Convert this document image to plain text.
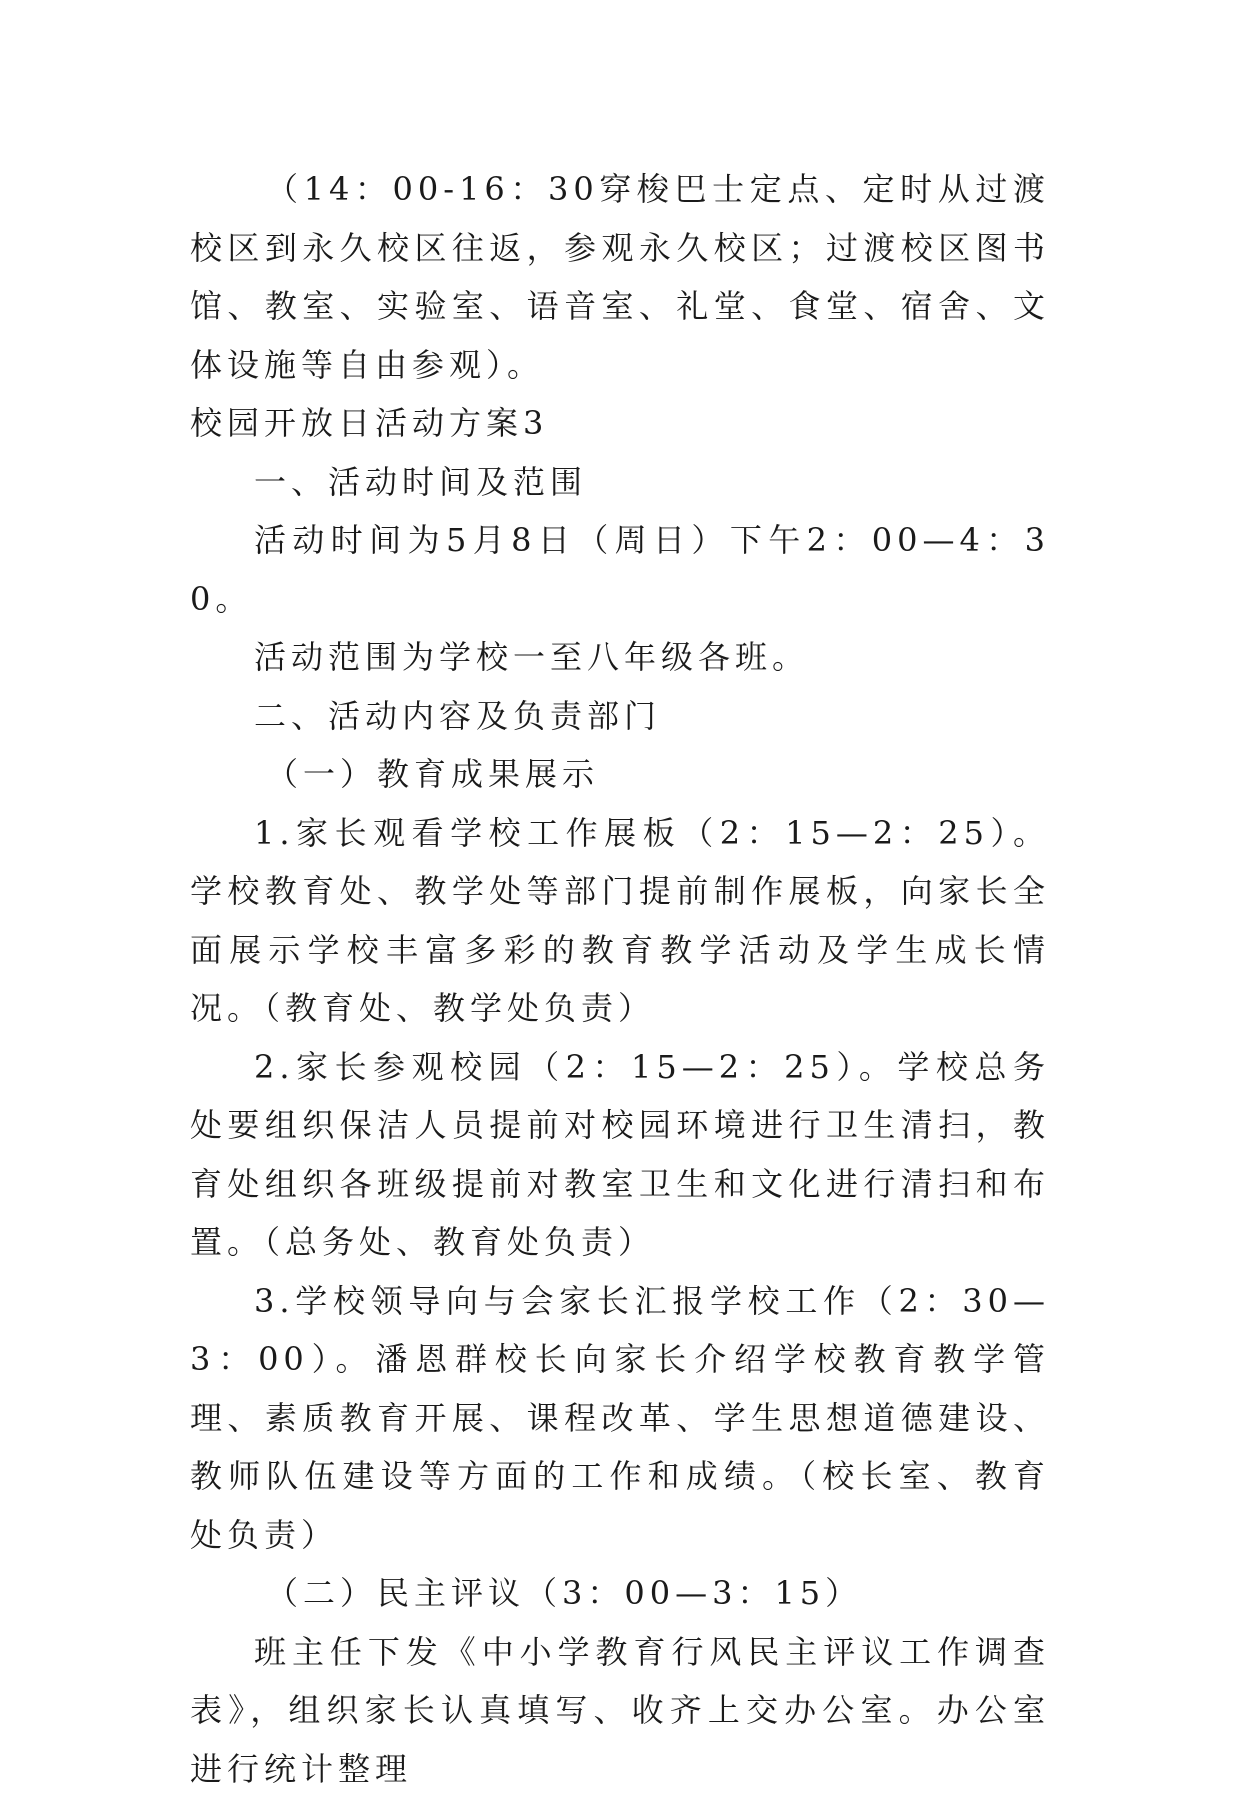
（14：00-16：30穿梭巴士定点、定时从过渡校区到永久校区往返，参观永久校区；过渡校区图书馆、教室、实验室、语音室、礼堂、食堂、宿舍、文体设施等自由参观）。

校园开放日活动方案3

一、活动时间及范围

活动时间为5月8日（周日）下午2：00—4：30。

活动范围为学校一至八年级各班。

二、活动内容及负责部门

（一）教育成果展示

1.家长观看学校工作展板（2：15—2：25）。学校教育处、教学处等部门提前制作展板，向家长全面展示学校丰富多彩的教育教学活动及学生成长情况。（教育处、教学处负责）

2.家长参观校园（2：15—2：25）。学校总务处要组织保洁人员提前对校园环境进行卫生清扫，教育处组织各班级提前对教室卫生和文化进行清扫和布置。（总务处、教育处负责）

3.学校领导向与会家长汇报学校工作（2：30—3：00）。潘恩群校长向家长介绍学校教育教学管理、素质教育开展、课程改革、学生思想道德建设、教师队伍建设等方面的工作和成绩。（校长室、教育处负责）

（二）民主评议（3：00—3：15）

班主任下发《中小学教育行风民主评议工作调查表》，组织家长认真填写、收齐上交办公室。办公室进行统计整理
